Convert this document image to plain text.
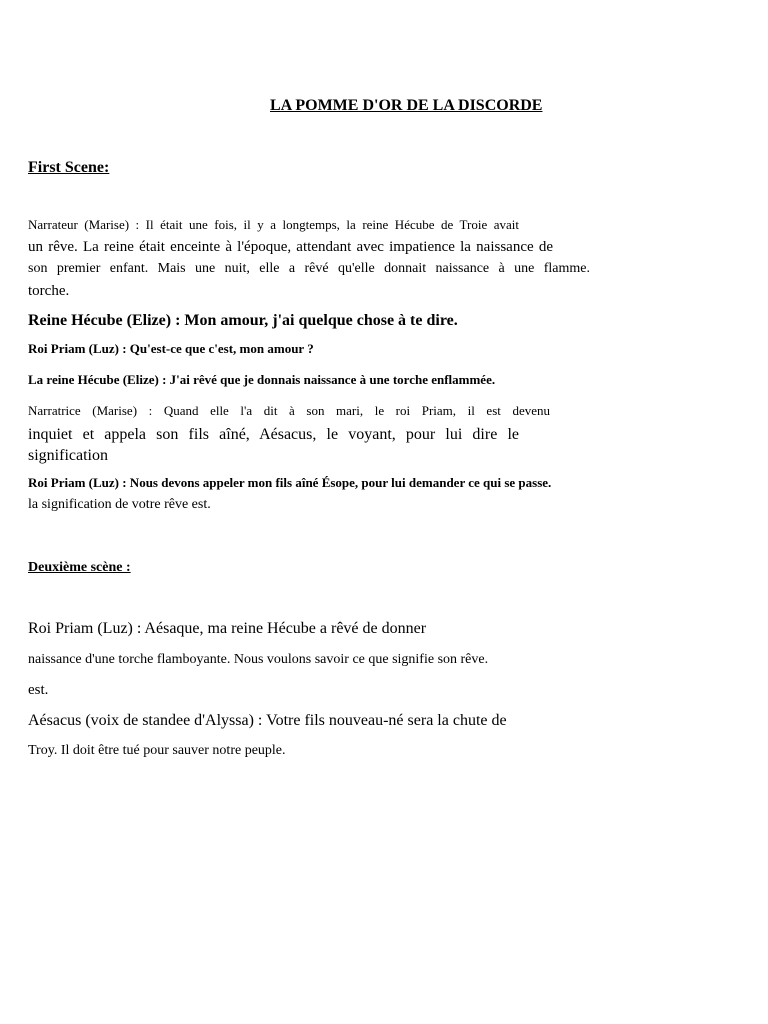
LA POMME D'OR DE LA DISCORDE
First Scene:
Narrateur (Marise) : Il était une fois, il y a longtemps, la reine Hécube de Troie avait
un rêve. La reine était enceinte à l'époque, attendant avec impatience la naissance de
son premier enfant. Mais une nuit, elle a rêvé qu'elle donnait naissance à une flamme.
torche.
Reine Hécube (Elize) : Mon amour, j'ai quelque chose à te dire.
Roi Priam (Luz) : Qu'est-ce que c'est, mon amour ?
La reine Hécube (Elize) : J'ai rêvé que je donnais naissance à une torche enflammée.
Narratrice (Marise) : Quand elle l'a dit à son mari, le roi Priam, il est devenu
inquiet et appela son fils aîné, Aésacus, le voyant, pour lui dire le
signification
Roi Priam (Luz) : Nous devons appeler mon fils aîné Ésope, pour lui demander ce qui se passe.
la signification de votre rêve est.
Deuxième scène :
Roi Priam (Luz) : Aésaque, ma reine Hécube a rêvé de donner
naissance d'une torche flamboyante. Nous voulons savoir ce que signifie son rêve.
est.
Aésacus (voix de standee d'Alyssa) : Votre fils nouveau-né sera la chute de
Troy. Il doit être tué pour sauver notre peuple.
